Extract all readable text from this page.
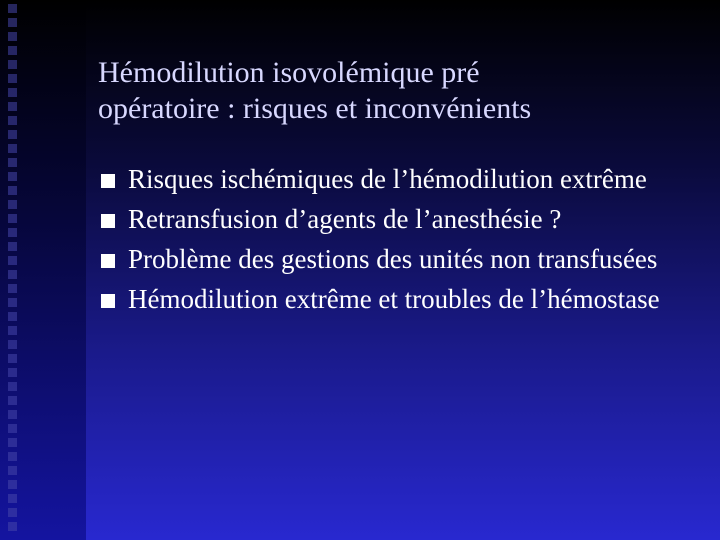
Hémodilution isovolémique pré
opératoire : risques et inconvénients
Risques ischémiques de l’hémodilution extrême
Retransfusion d’agents de l’anesthésie ?
Problème des gestions des unités non transfusées
Hémodilution extrême et troubles de l’hémostase
